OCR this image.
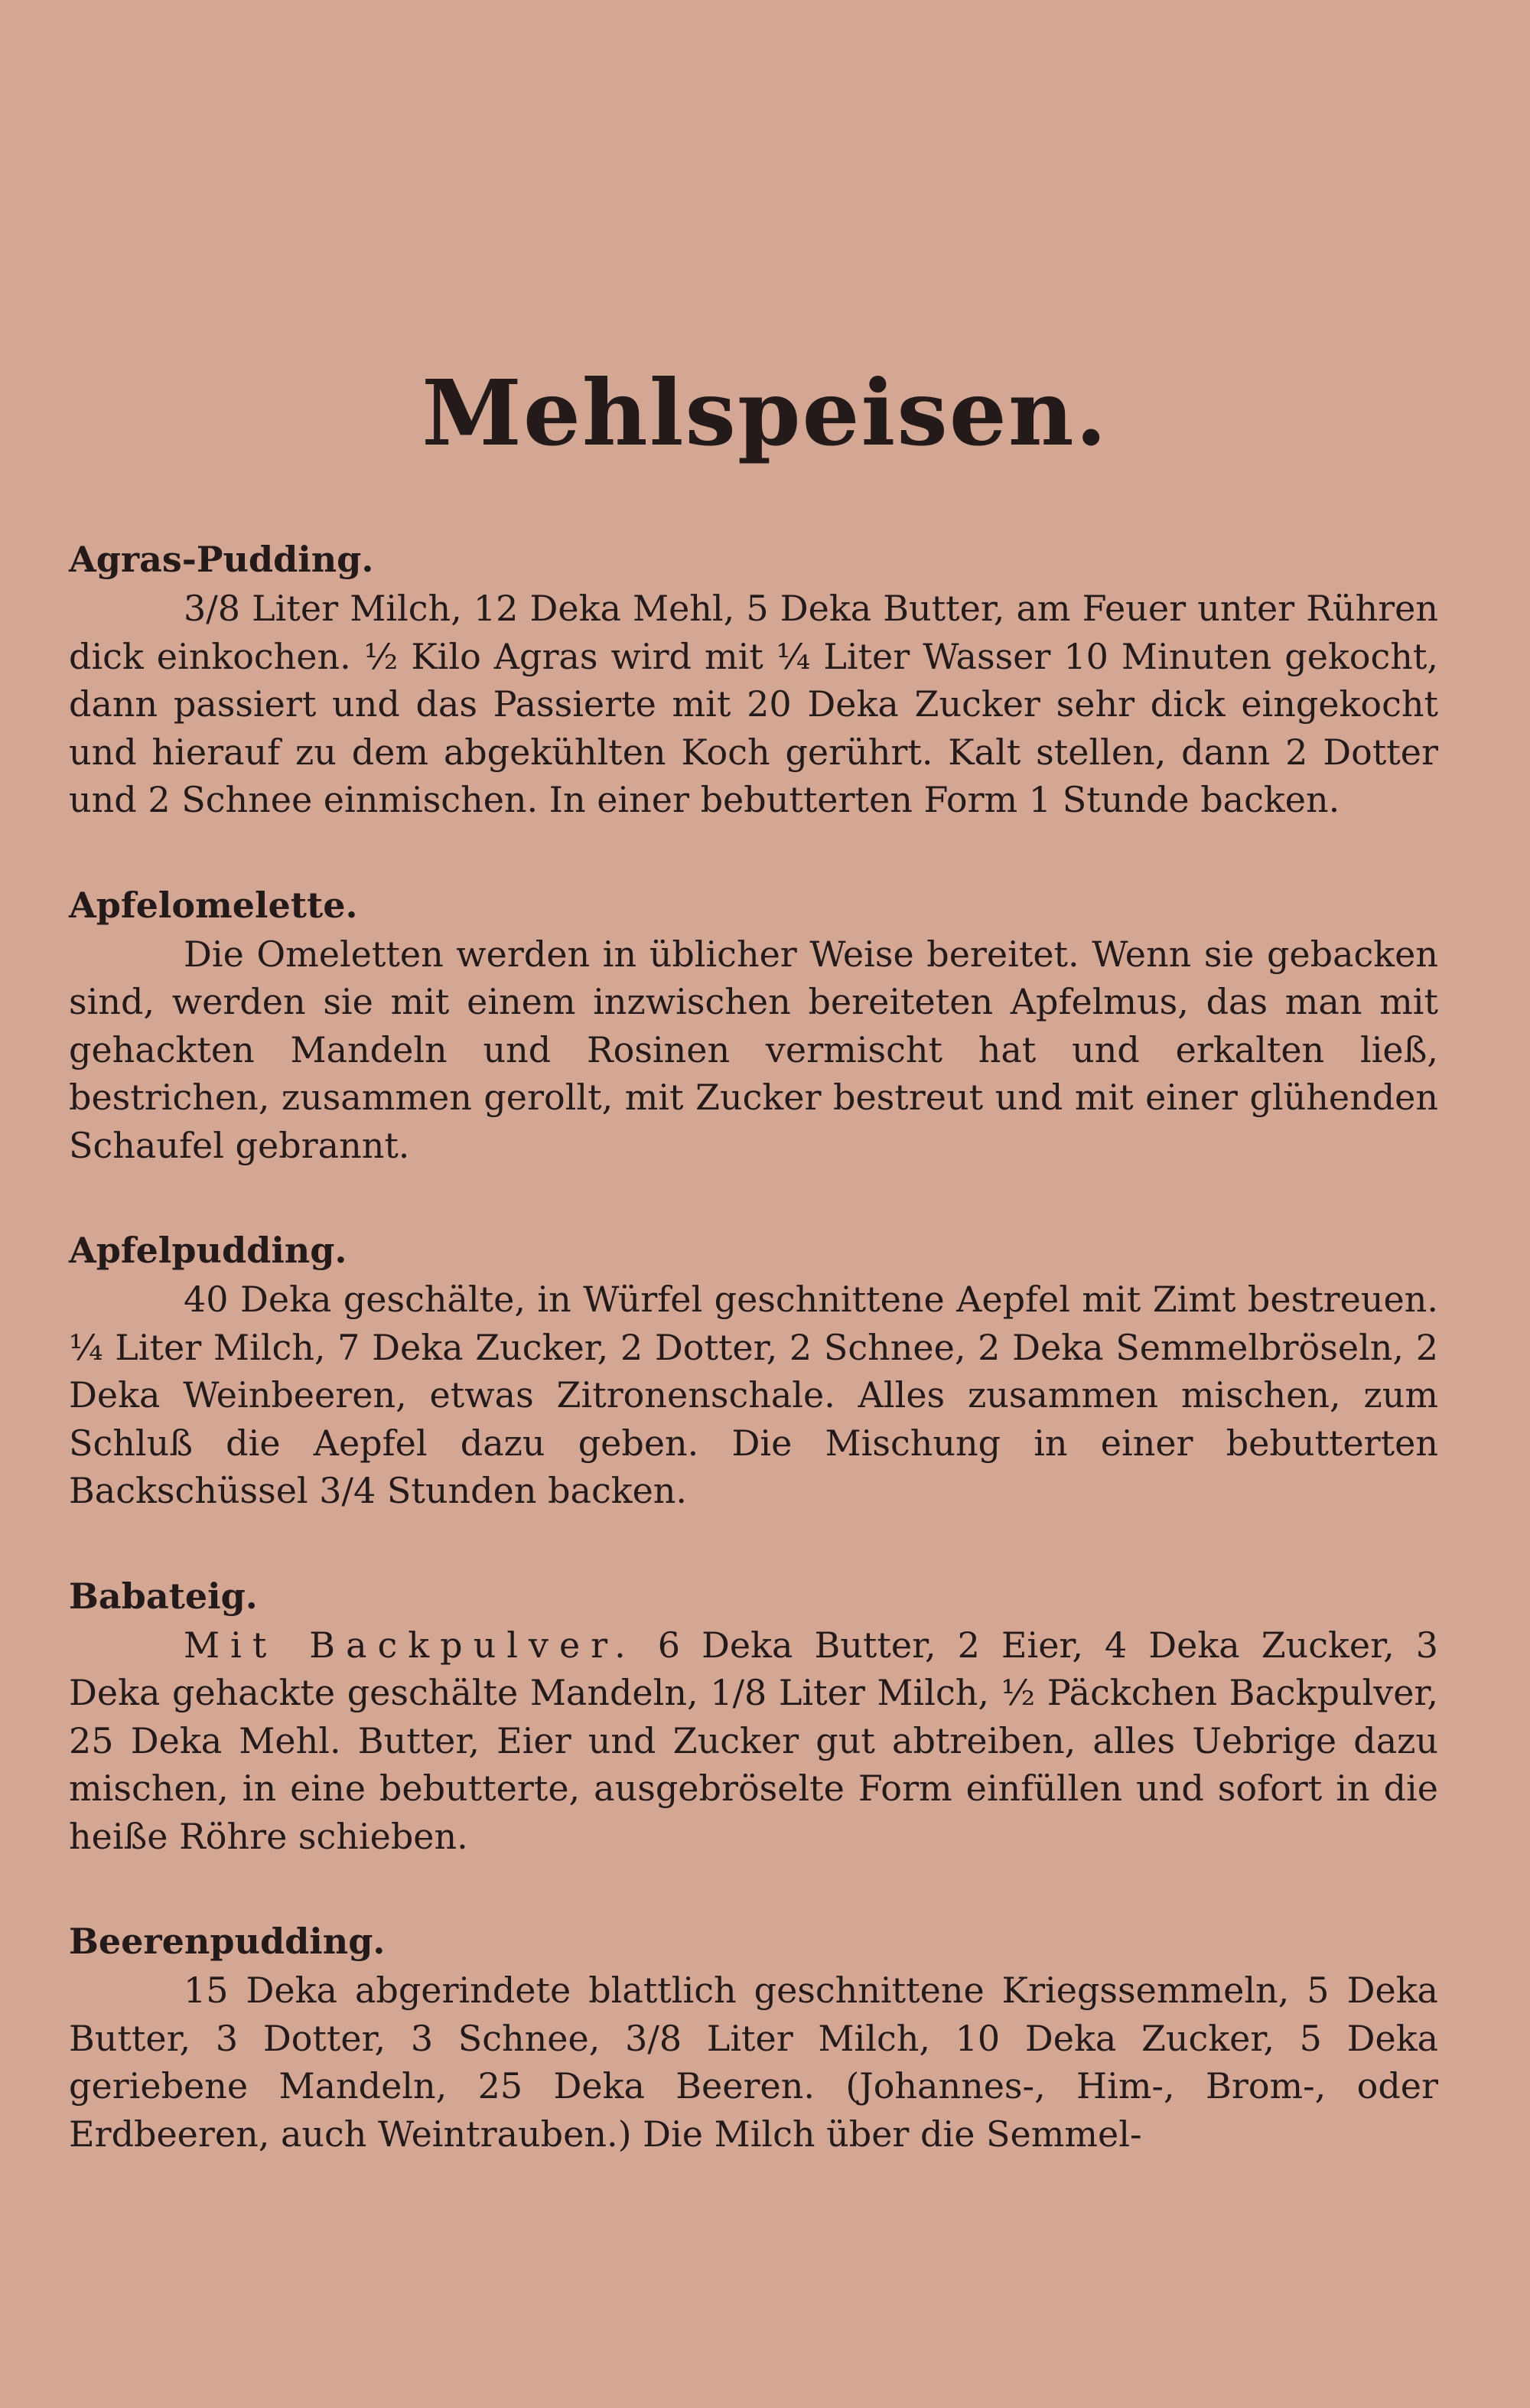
Mehlspeisen.
Agras-Pudding.

3/8 Liter Milch, 12 Deka Mehl, 5 Deka Butter, am Feuer unter Rühren dick einkochen. ½ Kilo Agras wird mit ¼ Liter Wasser 10 Minuten gekocht, dann passiert und das Passierte mit 20 Deka Zucker sehr dick eingekocht und hierauf zu dem abgekühlten Koch gerührt. Kalt stellen, dann 2 Dotter und 2 Schnee einmischen. In einer bebutterten Form 1 Stunde backen.

Apfelomelette.

Die Omeletten werden in üblicher Weise bereitet. Wenn sie gebacken sind, werden sie mit einem inzwischen bereiteten Apfelmus, das man mit gehackten Mandeln und Rosinen vermischt hat und erkalten ließ, bestrichen, zusammen gerollt, mit Zucker bestreut und mit einer glühenden Schaufel gebrannt.

Apfelpudding.

40 Deka geschälte, in Würfel geschnittene Aepfel mit Zimt bestreuen. ¼ Liter Milch, 7 Deka Zucker, 2 Dotter, 2 Schnee, 2 Deka Semmelbröseln, 2 Deka Weinbeeren, etwas Zitronenschale. Alles zusammen mischen, zum Schluß die Aepfel dazu geben. Die Mischung in einer bebutterten Backschüssel 3/4 Stunden backen.

Babateig.

Mit Backpulver. 6 Deka Butter, 2 Eier, 4 Deka Zucker, 3 Deka gehackte geschälte Mandeln, 1/8 Liter Milch, ½ Päckchen Backpulver, 25 Deka Mehl. Butter, Eier und Zucker gut abtreiben, alles Uebrige dazu mischen, in eine bebutterte, ausgebröselte Form einfüllen und sofort in die heiße Röhre schieben.

Beerenpudding.

15 Deka abgerindete blattlich geschnittene Kriegssemmeln, 5 Deka Butter, 3 Dotter, 3 Schnee, 3/8 Liter Milch, 10 Deka Zucker, 5 Deka geriebene Mandeln, 25 Deka Beeren. (Johannes-, Him-, Brom-, oder Erdbeeren, auch Weintrauben.) Die Milch über die Semmel-
